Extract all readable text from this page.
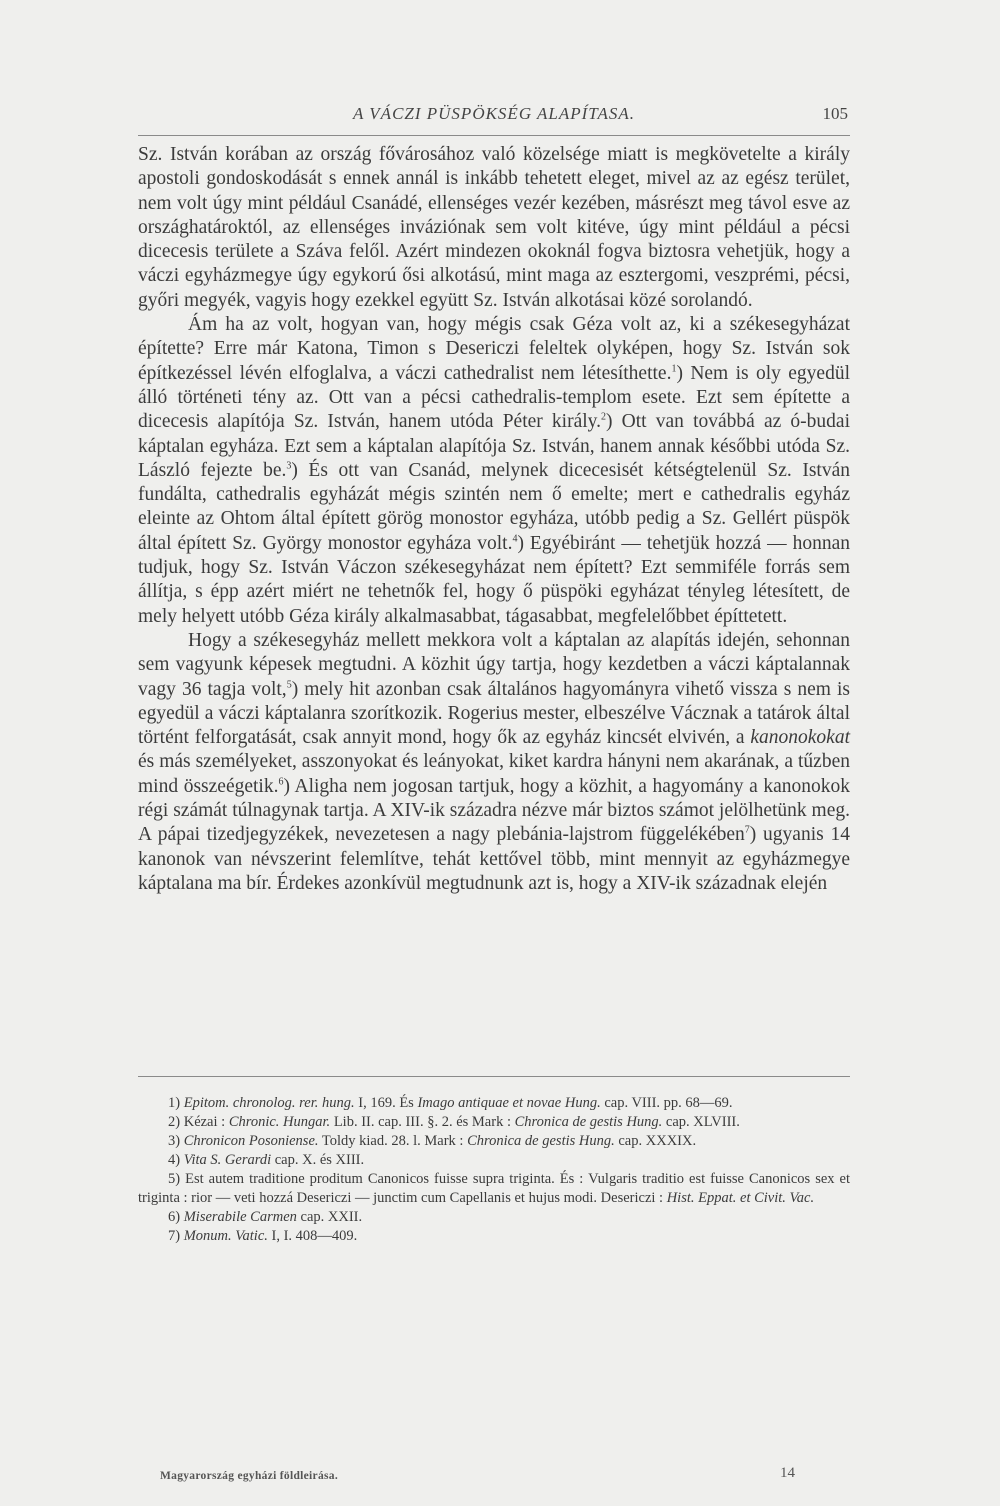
A VÁCZI PÜSPÖKSÉG ALAPÍTASA.	105

Sz. István korában az ország fővárosához való közelsége miatt is megkövetelte a király apostoli gondoskodását s ennek annál is inkább tehetett eleget, mivel az az egész terület, nem volt úgy mint például Csanádé, ellenséges vezér kezében, másrészt meg távol esve az országhatároktól, az ellenséges inváziónak sem volt kitéve, úgy mint például a pécsi dicecesis területe a Száva felől. Azért mindezen okoknál fogva biztosra vehetjük, hogy a váczi egyházmegye úgy egykorú ősi alkotású, mint maga az esztergomi, veszprémi, pécsi, győri megyék, vagyis hogy ezekkel együtt Sz. István alkotásai közé sorolandó.

Ám ha az volt, hogyan van, hogy mégis csak Géza volt az, ki a székesegyházat építette? Erre már Katona, Timon s Desericzi feleltek olyképen, hogy Sz. István sok építkezéssel lévén elfoglalva, a váczi cathedralist nem létesíthette.$^1$) Nem is oly egyedül álló történeti tény az. Ott van a pécsi cathedralis-templom esete. Ezt sem építette a dicecesis alapítója Sz. István, hanem utóda Péter király.$^2$) Ott van továbbá az ó-budai káptalan egyháza. Ezt sem a káptalan alapítója Sz. István, hanem annak későbbi utóda Sz. László fejezte be.$^3$) És ott van Csanád, melynek dicecesisét kétségtelenül Sz. István fundálta, cathedralis egyházát mégis szintén nem ő emelte; mert e cathedralis egyház eleinte az Ohtom által épített görög monostor egyháza, utóbb pedig a Sz. Gellért püspök által épített Sz. György monostor egyháza volt.$^4$) Egyébiránt — tehetjük hozzá — honnan tudjuk, hogy Sz. István Váczon székesegyházat nem épített? Ezt semmiféle forrás sem állítja, s épp azért miért ne tehetnők fel, hogy ő püspöki egyházat tényleg létesített, de mely helyett utóbb Géza király alkalmasabbat, tágasabbat, megfelelőbbet építtetett.

Hogy a székesegyház mellett mekkora volt a káptalan az alapítás idején, sehonnan sem vagyunk képesek megtudni. A közhit úgy tartja, hogy kezdetben a váczi káptalannak vagy 36 tagja volt,$^5$) mely hit azonban csak általános hagyományra vihető vissza s nem is egyedül a váczi káptalanra szorítkozik. Rogerius mester, elbeszélve Vácznak a tatárok által történt felforgatását, csak annyit mond, hogy ők az egyház kincsét elvivén, a kanonokokat és más személyeket, asszonyokat és leányokat, kiket kardra hányni nem akarának, a tűzben mind összeégetik.$^6$) Aligha nem jogosan tartjuk, hogy a közhit, a hagyomány a kanonokok régi számát túlnagynak tartja. A XIV-ik századra nézve már biztos számot jelölhetünk meg. A pápai tizedjegyzékek, nevezetesen a nagy plebánia-lajstrom függelékében$^7$) ugyanis 14 kanonok van névszerint felemlítve, tehát kettővel több, mint mennyit az egyházmegye káptalana ma bír. Érdekes azonkívül megtudnunk azt is, hogy a XIV-ik századnak elején

1) Epitom. chronolog. rer. hung. I, 169. És Imago antiquae et novae Hung. cap. VIII. pp. 68—69.

2) Kézai : Chronic. Hungar. Lib. II. cap. III. §. 2. és Mark : Chronica de gestis Hung. cap. XLVIII.

3) Chronicon Posoniense. Toldy kiad. 28. l. Mark : Chronica de gestis Hung. cap. XXXIX.

4) Vita S. Gerardi cap. X. és XIII.

5) Est autem traditione proditum Canonicos fuisse supra triginta. És : Vulgaris traditio est fuisse Canonicos sex et triginta : rior — veti hozzá Desericzi — junctim cum Capellanis et hujus modi. Desericzi : Hist. Eppat. et Civit. Vac.

6) Miserabile Carmen cap. XXII.

7) Monum. Vatic. I, I. 408—409.

Magyarország egyházi földleirása.	14
